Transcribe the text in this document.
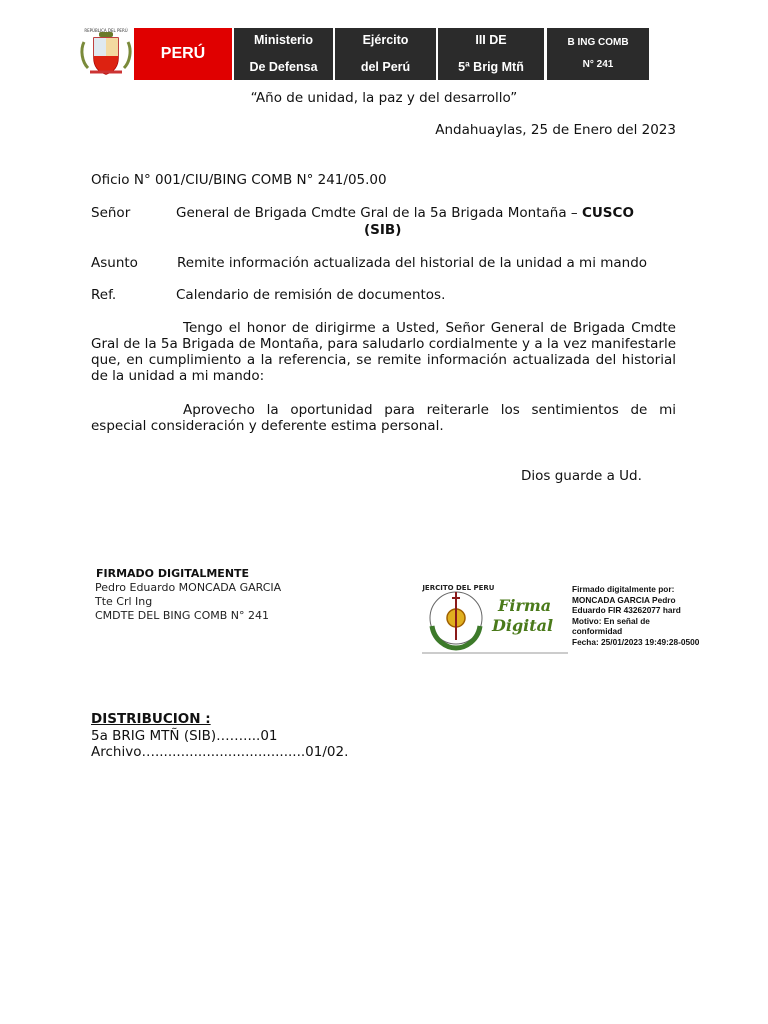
REPÚBLICA DEL PERÚ
PERÚ
Ministerio
De Defensa
Ejército
del Perú
III DE
5ª Brig Mtñ
B ING COMB
N° 241
“Año de unidad, la paz y del desarrollo”
Andahuaylas, 25 de Enero del 2023
Oficio N° 001/CIU/BING COMB N° 241/05.00
Señor	General de Brigada Cmdte Gral de la 5a Brigada Montaña – CUSCO
(SIB)
Asunto	Remite información actualizada del historial de la unidad a mi mando
Ref.	Calendario de remisión de documentos.
Tengo el honor de dirigirme a Usted, Señor General de Brigada Cmdte Gral de la 5a Brigada de Montaña, para saludarlo cordialmente y a la vez manifestarle que, en cumplimiento a la referencia, se remite información actualizada del historial de la unidad a mi mando:
Aprovecho la oportunidad para reiterarle los sentimientos de mi especial consideración y deferente estima personal.
Dios guarde a Ud.
FIRMADO DIGITALMENTE
Pedro Eduardo MONCADA GARCIA
Tte Crl Ing
CMDTE DEL BING COMB N° 241
EJERCITO DEL PERU
Firma
Digital
Firmado digitalmente por:
MONCADA GARCIA Pedro
Eduardo FIR 43262077 hard
Motivo: En señal de
conformidad
Fecha: 25/01/2023 19:49:28-0500
DISTRIBUCION :
5a BRIG MTÑ (SIB)……....01
Archivo…...................................01/02.
